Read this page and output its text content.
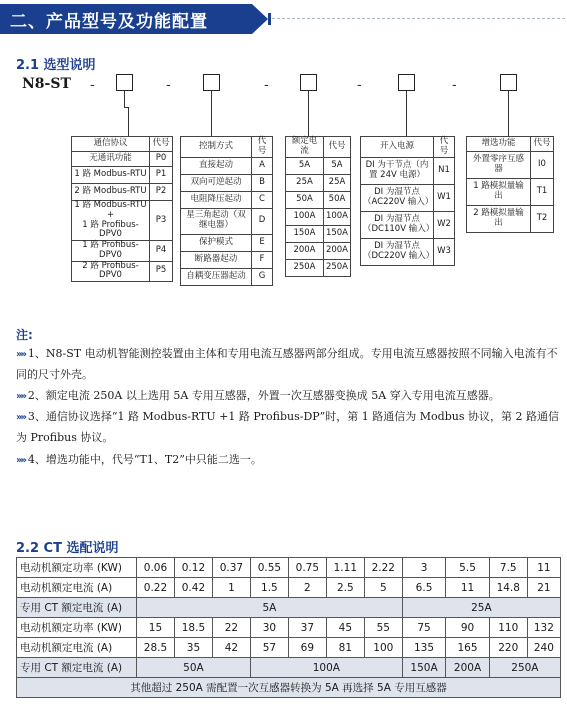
二、产品型号及功能配置
2.1 选型说明
N8-ST -	-	-	-	-
通信协议	代号
无通讯功能	P0
1 路 Modbus-RTU	P1
2 路 Modbus-RTU	P2
1 路 Modbus-RTU
+
1 路 Profibus-DPV0	P3
1 路 Profibus-DPV0	P4
2 路 Profibus-DPV0	P5
控制方式	代号
直接起动	A
双向可逆起动	B
电阻降压起动	C
星三角起动（双继电器）	D
保护模式	E
断路器起动	F
自耦变压器起动	G
额定电流	代号
5A	5A
25A	25A
50A	50A
100A	100A
150A	150A
200A	200A
250A	250A
开入电源	代号
DI 为干节点（内置 24V 电源）	N1
DI 为湿节点（AC220V 输入）	W1
DI 为湿节点（DC110V 输入）	W2
DI 为湿节点（DC220V 输入）	W3
增选功能	代号
外置零序互感器	I0
1 路模拟量输出	T1
2 路模拟量输出	T2
注:
»» 1、N8-ST 电动机智能测控装置由主体和专用电流互感器两部分组成。专用电流互感器按照不同输入电流有不同的尺寸外壳。
»» 2、额定电流 250A 以上选用 5A 专用互感器，外置一次互感器变换成 5A 穿入专用电流互感器。
»» 3、通信协议选择“1 路 Modbus-RTU +1 路 Profibus-DP”时，第 1 路通信为 Modbus 协议，第 2 路通信为 Profibus 协议。
»» 4、增选功能中，代号“T1、T2”中只能二选一。
2.2 CT 选配说明
电动机额定功率 (KW)	0.06	0.12	0.37	0.55	0.75	1.11	2.22	3	5.5	7.5	11
电动机额定电流 (A)	0.22	0.42	1	1.5	2	2.5	5	6.5	11	14.8	21
专用 CT 额定电流 (A)	5A							25A			
电动机额定功率 (KW)	15	18.5	22	30	37	45	55	75	90	110	132
电动机额定电流 (A)	28.5	35	42	57	69	81	100	135	165	220	240
专用 CT 额定电流 (A)	50A			100A				150A	200A	250A	
其他超过 250A 需配置一次互感器转换为 5A 再选择 5A 专用互感器											
